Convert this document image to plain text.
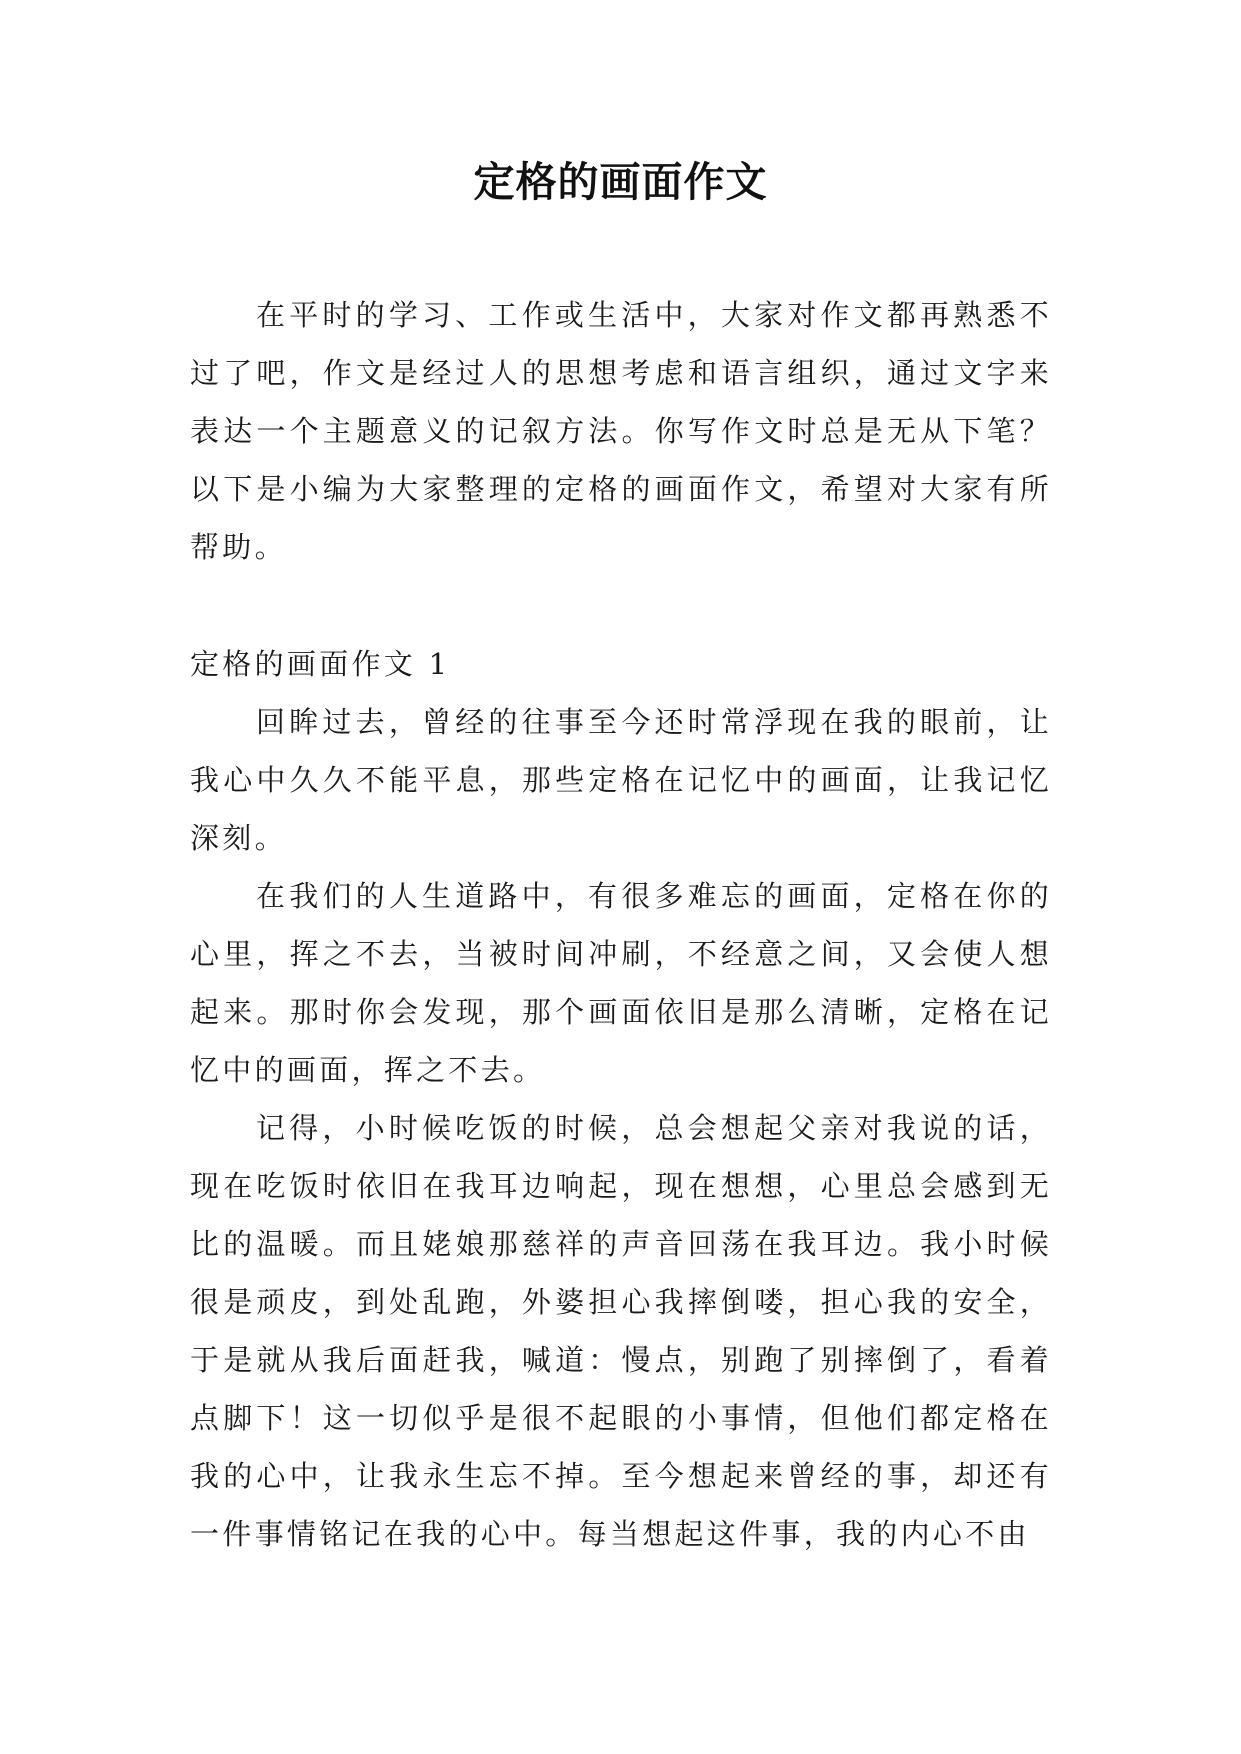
定格的画面作文

在平时的学习、工作或生活中，大家对作文都再熟悉不过了吧，作文是经过人的思想考虑和语言组织，通过文字来表达一个主题意义的记叙方法。你写作文时总是无从下笔？以下是小编为大家整理的定格的画面作文，希望对大家有所帮助。

定格的画面作文 1

回眸过去，曾经的往事至今还时常浮现在我的眼前，让我心中久久不能平息，那些定格在记忆中的画面，让我记忆深刻。

在我们的人生道路中，有很多难忘的画面，定格在你的心里，挥之不去，当被时间冲刷，不经意之间，又会使人想起来。那时你会发现，那个画面依旧是那么清晰，定格在记忆中的画面，挥之不去。

记得，小时候吃饭的时候，总会想起父亲对我说的话，现在吃饭时依旧在我耳边响起，现在想想，心里总会感到无比的温暖。而且姥娘那慈祥的声音回荡在我耳边。我小时候很是顽皮，到处乱跑，外婆担心我摔倒喽，担心我的安全，于是就从我后面赶我，喊道：慢点，别跑了别摔倒了，看着点脚下！这一切似乎是很不起眼的小事情，但他们都定格在我的心中，让我永生忘不掉。至今想起来曾经的事，却还有一件事情铭记在我的心中。每当想起这件事，我的内心不由
